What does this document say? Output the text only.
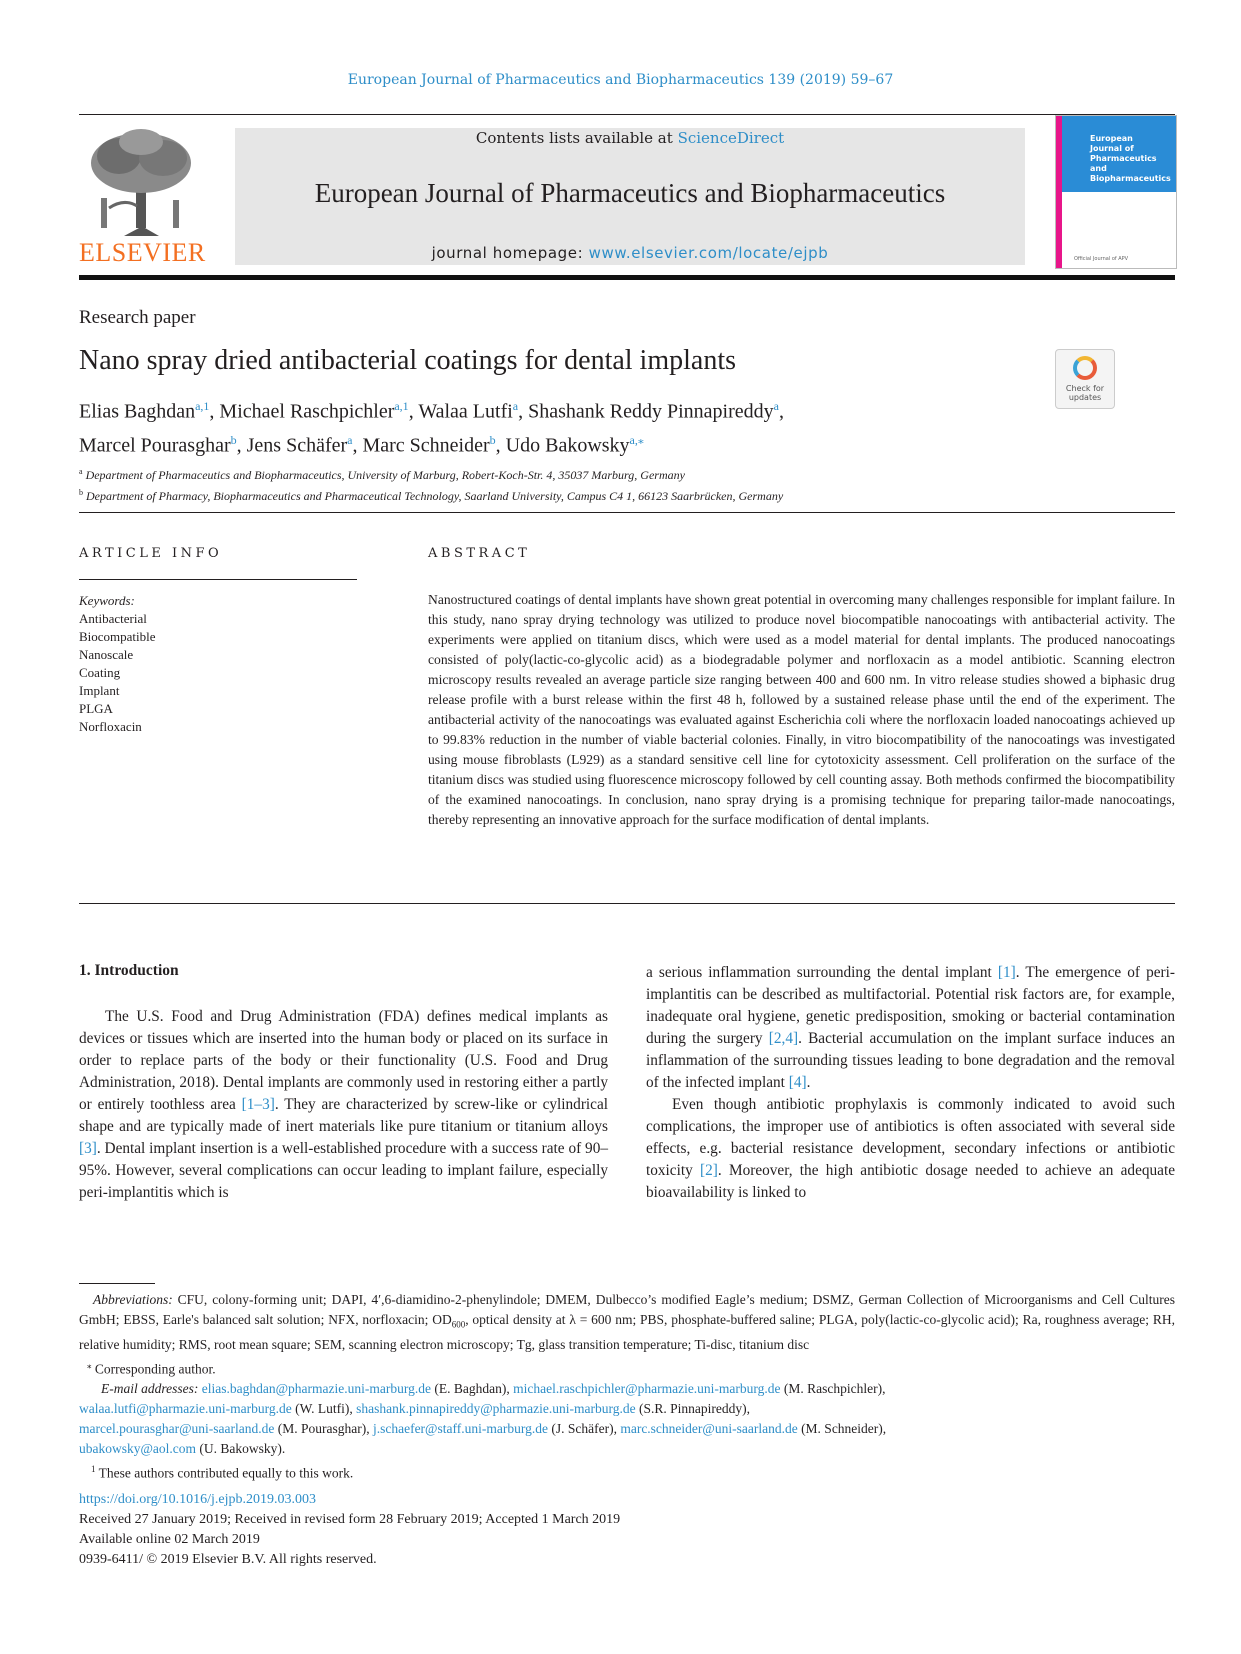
European Journal of Pharmaceutics and Biopharmaceutics 139 (2019) 59–67
ELSEVIER
Contents lists available at ScienceDirect
European Journal of Pharmaceutics and Biopharmaceutics
journal homepage: www.elsevier.com/locate/ejpb
European
Journal of
Pharmaceutics and
Biopharmaceutics
Official Journal of APV
Research paper
Nano spray dried antibacterial coatings for dental implants
Check for updates
Elias Baghdan$^{a,1}$, Michael Raschpichler$^{a,1}$, Walaa Lutfi$^a$, Shashank Reddy Pinnapireddy$^a$,
Marcel Pourasghar$^b$, Jens Schäfer$^a$, Marc Schneider$^b$, Udo Bakowsky$^{a,⁎}$
$^a$ Department of Pharmaceutics and Biopharmaceutics, University of Marburg, Robert-Koch-Str. 4, 35037 Marburg, Germany
$^b$ Department of Pharmacy, Biopharmaceutics and Pharmaceutical Technology, Saarland University, Campus C4 1, 66123 Saarbrücken, Germany
ARTICLE INFO
Keywords:
Antibacterial
Biocompatible
Nanoscale
Coating
Implant
PLGA
Norfloxacin
ABSTRACT
Nanostructured coatings of dental implants have shown great potential in overcoming many challenges responsible for implant failure. In this study, nano spray drying technology was utilized to produce novel biocompatible nanocoatings with antibacterial activity. The experiments were applied on titanium discs, which were used as a model material for dental implants. The produced nanocoatings consisted of poly(lactic-co-glycolic acid) as a biodegradable polymer and norfloxacin as a model antibiotic. Scanning electron microscopy results revealed an average particle size ranging between 400 and 600 nm. In vitro release studies showed a biphasic drug release profile with a burst release within the first 48 h, followed by a sustained release phase until the end of the experiment. The antibacterial activity of the nanocoatings was evaluated against Escherichia coli where the norfloxacin loaded nanocoatings achieved up to 99.83% reduction in the number of viable bacterial colonies. Finally, in vitro biocompatibility of the nanocoatings was investigated using mouse fibroblasts (L929) as a standard sensitive cell line for cytotoxicity assessment. Cell proliferation on the surface of the titanium discs was studied using fluorescence microscopy followed by cell counting assay. Both methods confirmed the biocompatibility of the examined nanocoatings. In conclusion, nano spray drying is a promising technique for preparing tailor-made nanocoatings, thereby representing an innovative approach for the surface modification of dental implants.
1. Introduction

The U.S. Food and Drug Administration (FDA) defines medical implants as devices or tissues which are inserted into the human body or placed on its surface in order to replace parts of the body or their functionality (U.S. Food and Drug Administration, 2018). Dental implants are commonly used in restoring either a partly or entirely toothless area [1–3]. They are characterized by screw-like or cylindrical shape and are typically made of inert materials like pure titanium or titanium alloys [3]. Dental implant insertion is a well-established procedure with a success rate of 90–95%. However, several complications can occur leading to implant failure, especially peri-implantitis which is

a serious inflammation surrounding the dental implant [1]. The emergence of peri-implantitis can be described as multifactorial. Potential risk factors are, for example, inadequate oral hygiene, genetic predisposition, smoking or bacterial contamination during the surgery [2,4]. Bacterial accumulation on the implant surface induces an inflammation of the surrounding tissues leading to bone degradation and the removal of the infected implant [4].

Even though antibiotic prophylaxis is commonly indicated to avoid such complications, the improper use of antibiotics is often associated with several side effects, e.g. bacterial resistance development, secondary infections or antibiotic toxicity [2]. Moreover, the high antibiotic dosage needed to achieve an adequate bioavailability is linked to

Abbreviations: CFU, colony-forming unit; DAPI, 4′,6-diamidino-2-phenylindole; DMEM, Dulbecco’s modified Eagle’s medium; DSMZ, German Collection of Microorganisms and Cell Cultures GmbH; EBSS, Earle's balanced salt solution; NFX, norfloxacin; $OD_{600}$, optical density at λ = 600 nm; PBS, phosphate-buffered saline; PLGA, poly(lactic-co-glycolic acid); Ra, roughness average; RH, relative humidity; RMS, root mean square; SEM, scanning electron microscopy; Tg, glass transition temperature; Ti-disc, titanium disc

⁎ Corresponding author.

E-mail addresses: elias.baghdan@pharmazie.uni-marburg.de (E. Baghdan), michael.raschpichler@pharmazie.uni-marburg.de (M. Raschpichler),
walaa.lutfi@pharmazie.uni-marburg.de (W. Lutfi), shashank.pinnapireddy@pharmazie.uni-marburg.de (S.R. Pinnapireddy),
marcel.pourasghar@uni-saarland.de (M. Pourasghar), j.schaefer@staff.uni-marburg.de (J. Schäfer), marc.schneider@uni-saarland.de (M. Schneider),
ubakowsky@aol.com (U. Bakowsky).

$^1$ These authors contributed equally to this work.

https://doi.org/10.1016/j.ejpb.2019.03.003
Received 27 January 2019; Received in revised form 28 February 2019; Accepted 1 March 2019
Available online 02 March 2019
0939-6411/ © 2019 Elsevier B.V. All rights reserved.
